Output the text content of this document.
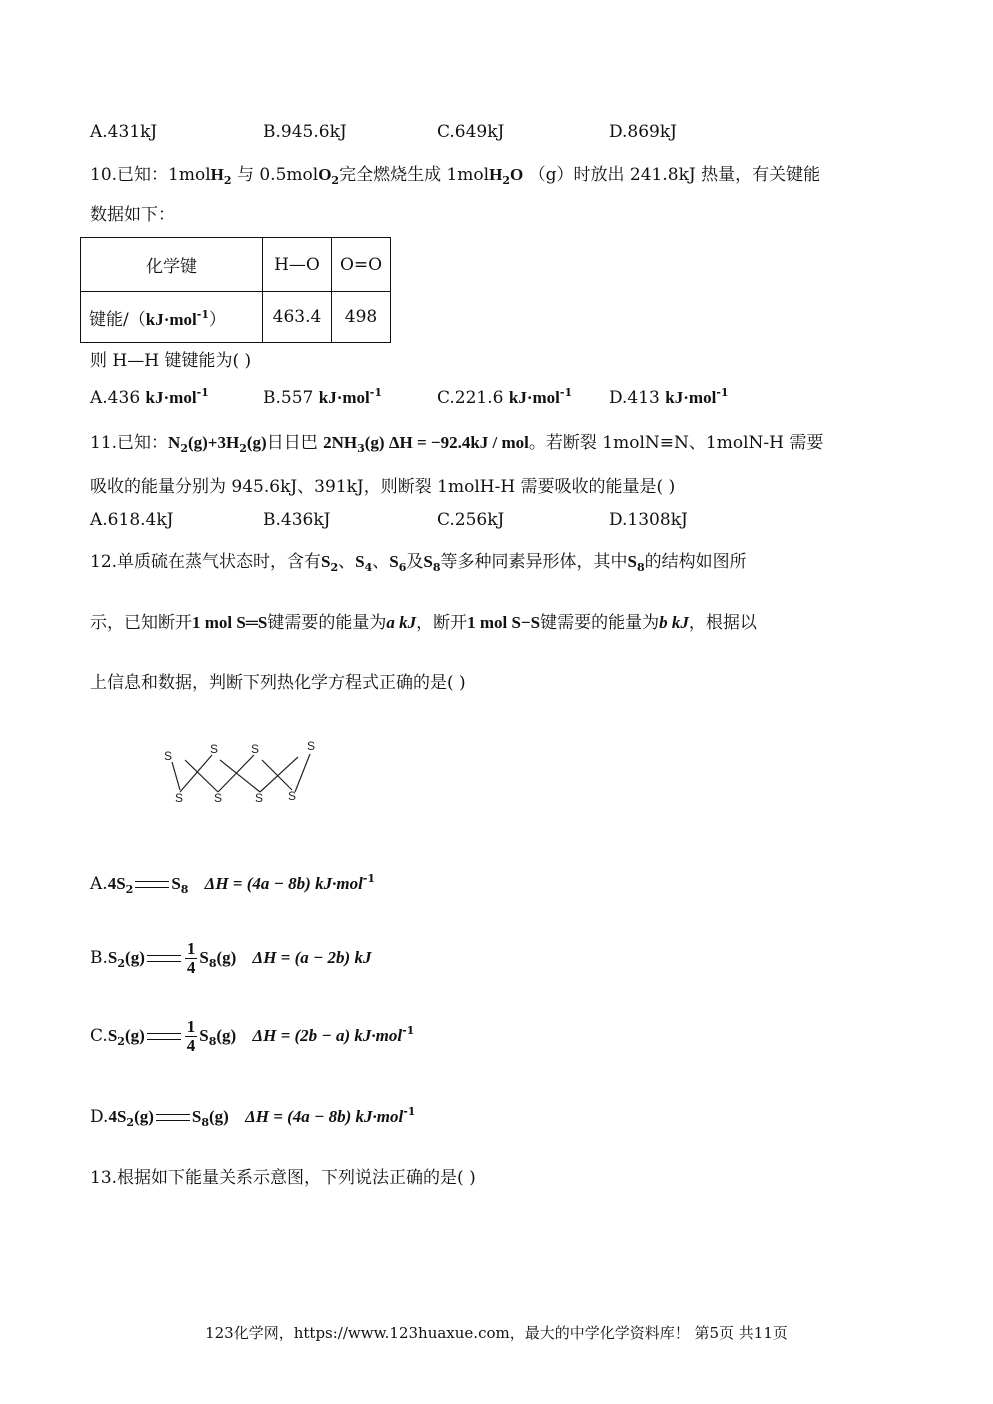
A.431kJ	B.945.6kJ	C.649kJ	D.869kJ
10.已知：1molH$_2$ 与 0.5molO$_2$完全燃烧生成 1molH$_2$O （g）时放出 241.8kJ 热量，有关键能
数据如下：
化学键	H—O	O=O
键能/（kJ·mol$^{-1}$）	463.4	498
则 H—H 键键能为( )
A.436 kJ·mol$^{-1}$	B.557 kJ·mol$^{-1}$	C.221.6 kJ·mol$^{-1}$ D.413 kJ·mol$^{-1}$
11.已知：$N_2(g)+3H_2(g)$日日巴 $2NH_3(g) \Delta H = -92.4kJ$ / mol。若断裂 1molN≡N、1molN-H 需要
吸收的能量分别为 945.6kJ、391kJ，则断裂 1molH-H 需要吸收的能量是( )
A.618.4kJ	B.436kJ	C.256kJ	D.1308kJ
12.单质硫在蒸气状态时，含有$S_2$、$S_4$、$S_6$及$S_8$等多种同素异形体，其中$S_8$的结构如图所
示，已知断开1 mol S═S键需要的能量为a kJ，断开1 mol S−S键需要的能量为b kJ，根据以
上信息和数据，判断下列热化学方程式正确的是( )
S
S
S
S
S
S
S
S
$A.4S_2$ $S_8$ ΔH = (4a − 8b) kJ·mol$^{-1}$
$B.S_2(g) \frac{1}{4} S_8(g) \Delta H = (a - 2b)$ kJ
$C.S_2(g) \frac{1}{4} S_8(g) \Delta H = (2b - a)$ kJ·mol$^{-1}$
$D.4S_2(g)$ $S_8(g) \Delta H = (4a - 8b)$ kJ·mol$^{-1}$
13.根据如下能量关系示意图，下列说法正确的是( )
123化学网，https://www.123huaxue.com，最大的中学化学资料库！ 第5页 共11页
